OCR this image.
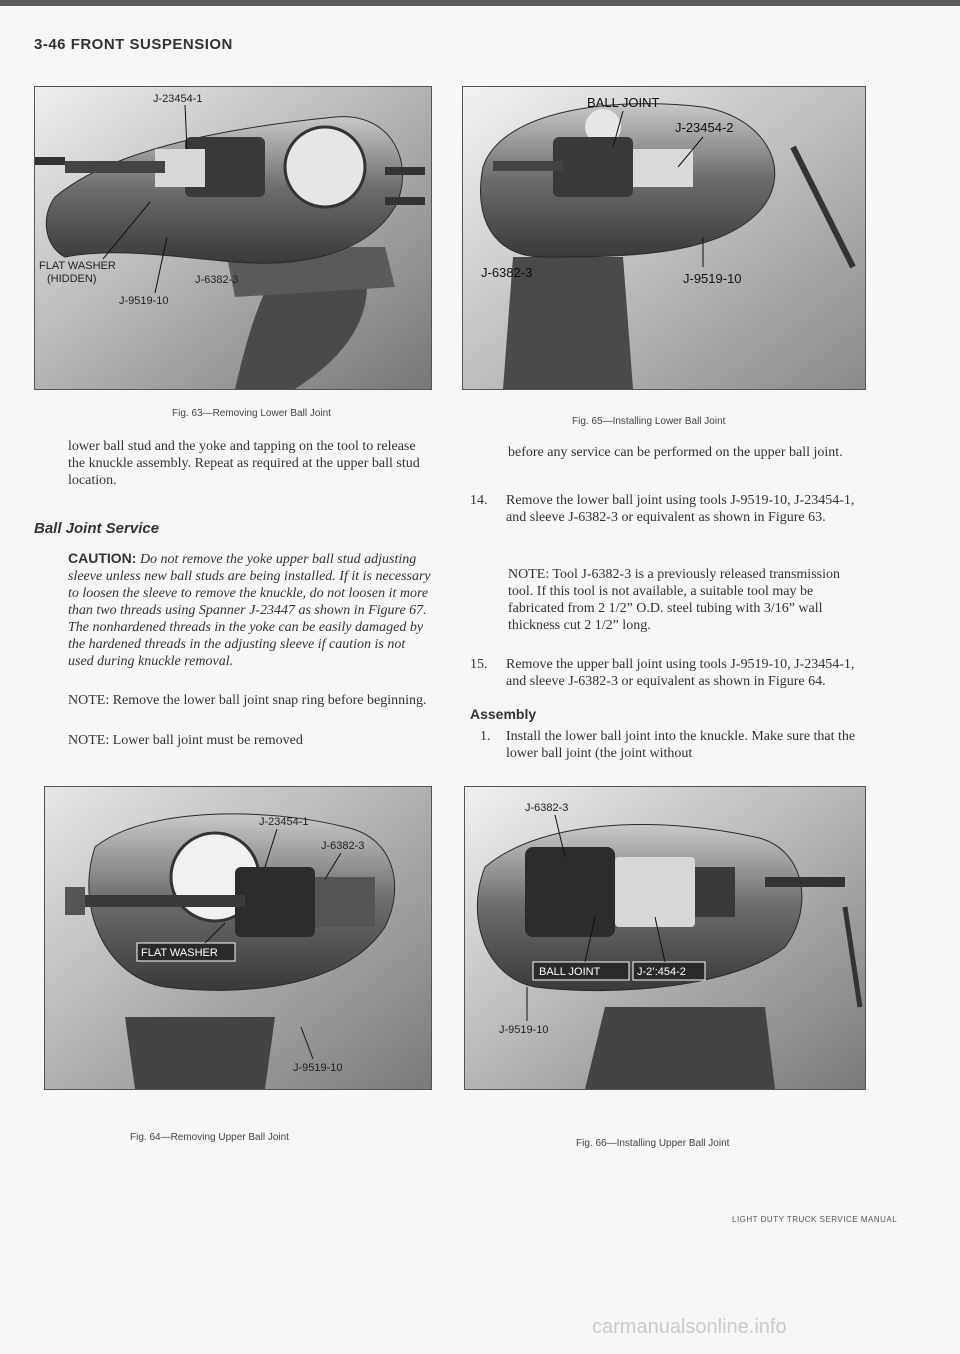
3-46 FRONT SUSPENSION
J-23454-1
FLAT WASHER
(HIDDEN)	J-6382-3
J-9519-10
Fig. 63—Removing Lower Ball Joint
BALL JOINT
J-23454-2
J-6382-3	J-9519-10
Fig. 65—Installing Lower Ball Joint
lower ball stud and the yoke and tapping on the tool to release the knuckle assembly. Repeat as required at the upper ball stud location.
Ball Joint Service
CAUTION: Do not remove the yoke upper ball stud adjusting sleeve unless new ball studs are being installed. If it is necessary to loosen the sleeve to remove the knuckle, do not loosen it more than two threads using Spanner J-23447 as shown in Figure 67. The nonhardened threads in the yoke can be easily damaged by the hardened threads in the adjusting sleeve if caution is not used during knuckle removal.
NOTE: Remove the lower ball joint snap ring before beginning.
NOTE: Lower ball joint must be removed
before any service can be performed on the upper ball joint.
14. Remove the lower ball joint using tools J-9519-10, J-23454-1, and sleeve J-6382-3 or equivalent as shown in Figure 63.
NOTE: Tool J-6382-3 is a previously released transmission tool. If this tool is not available, a suitable tool may be fabricated from 2 1/2” O.D. steel tubing with 3/16” wall thickness cut 2 1/2” long.
15. Remove the upper ball joint using tools J-9519-10, J-23454-1, and sleeve J-6382-3 or equivalent as shown in Figure 64.
Assembly
1. Install the lower ball joint into the knuckle. Make sure that the lower ball joint (the joint without
J-23454-1
J-6382-3
FLAT WASHER
J-9519-10
Fig. 64—Removing Upper Ball Joint
J-6382-3
BALL JOINT	J-2’:454-2
J-9519-10
Fig. 66—Installing Upper Ball Joint
LIGHT DUTY TRUCK SERVICE MANUAL
carmanualsonline.info
